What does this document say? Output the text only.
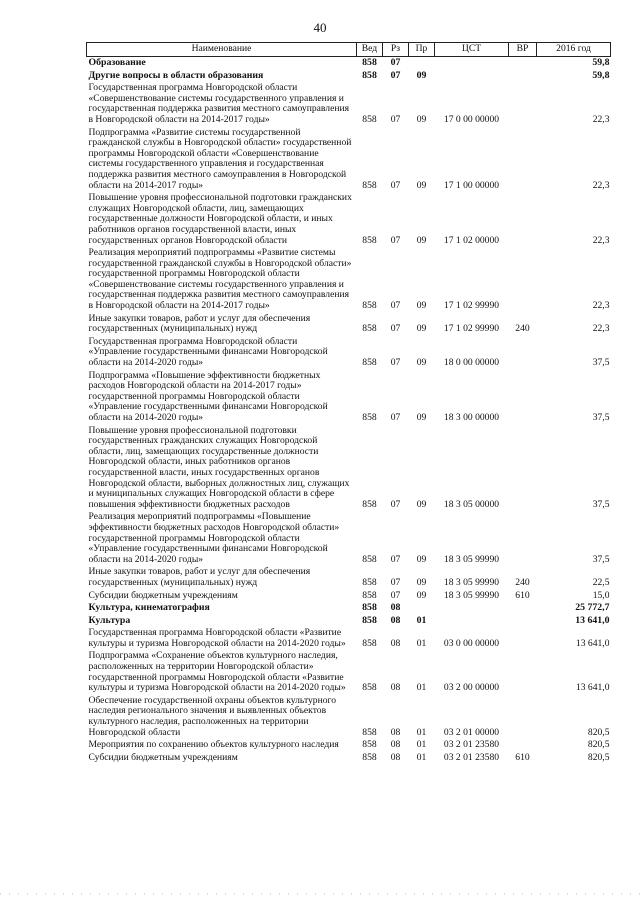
40
Наименование	Вед	Рз	Пр	ЦСТ	ВР	2016 год
Образование	858	07				59,8
Другие вопросы в области образования	858	07	09			59,8
Государственная программа Новгородской области «Совершенствование системы государственного управления и государственная поддержка развития местного самоуправления в Новгородской области на 2014-2017 годы»	858	07	09	17 0 00 00000		22,3
Подпрограмма «Развитие системы государственной гражданской службы в Новгородской области» государственной программы Новгородской области «Совершенствование системы государственного управления и государственная поддержка развития местного самоуправления в Новгородской области на 2014-2017 годы»	858	07	09	17 1 00 00000		22,3
Повышение уровня профессиональной подготовки гражданских служащих Новгородской области, лиц, замещающих государственные должности Новгородской области, и иных работников органов государственной власти, иных государственных органов Новгородской области	858	07	09	17 1 02 00000		22,3
Реализация мероприятий подпрограммы «Развитие системы государственной гражданской службы в Новгородской области» государственной программы Новгородской области «Совершенствование системы государственного управления и государственная поддержка развития местного самоуправления в Новгородской области на 2014-2017 годы»	858	07	09	17 1 02 99990		22,3
Иные закупки товаров, работ и услуг для обеспечения государственных (муниципальных) нужд	858	07	09	17 1 02 99990	240	22,3
Государственная программа Новгородской области «Управление государственными финансами Новгородской области на 2014-2020 годы»	858	07	09	18 0 00 00000		37,5
Подпрограмма «Повышение эффективности бюджетных расходов Новгородской области на 2014-2017 годы» государственной программы Новгородской области «Управление государственными финансами Новгородской области на 2014-2020 годы»	858	07	09	18 3 00 00000		37,5
Повышение уровня профессиональной подготовки государственных гражданских служащих Новгородской области, лиц, замещающих государственные должности Новгородской области, иных работников органов государственной власти, иных государственных органов Новгородской области, выборных должностных лиц, служащих и муниципальных служащих Новгородской области в сфере повышения эффективности бюджетных расходов	858	07	09	18 3 05 00000		37,5
Реализация мероприятий подпрограммы «Повышение эффективности бюджетных расходов Новгородской области» государственной программы Новгородской области «Управление государственными финансами Новгородской области на 2014-2020 годы»	858	07	09	18 3 05 99990		37,5
Иные закупки товаров, работ и услуг для обеспечения государственных (муниципальных) нужд	858	07	09	18 3 05 99990	240	22,5
Субсидии бюджетным учреждениям	858	07	09	18 3 05 99990	610	15,0
Культура, кинематография	858	08				25 772,7
Культура	858	08	01			13 641,0
Государственная программа Новгородской области «Развитие культуры и туризма Новгородской области на 2014-2020 годы»	858	08	01	03 0 00 00000		13 641,0
Подпрограмма «Сохранение объектов культурного наследия, расположенных на территории Новгородской области» государственной программы Новгородской области «Развитие культуры и туризма Новгородской области на 2014-2020 годы»	858	08	01	03 2 00 00000		13 641,0
Обеспечение государственной охраны объектов культурного наследия регионального значения и выявленных объектов культурного наследия, расположенных на территории Новгородской области	858	08	01	03 2 01 00000		820,5
Мероприятия по сохранению объектов культурного наследия	858	08	01	03 2 01 23580		820,5
Субсидии бюджетным учреждениям	858	08	01	03 2 01 23580	610	820,5
